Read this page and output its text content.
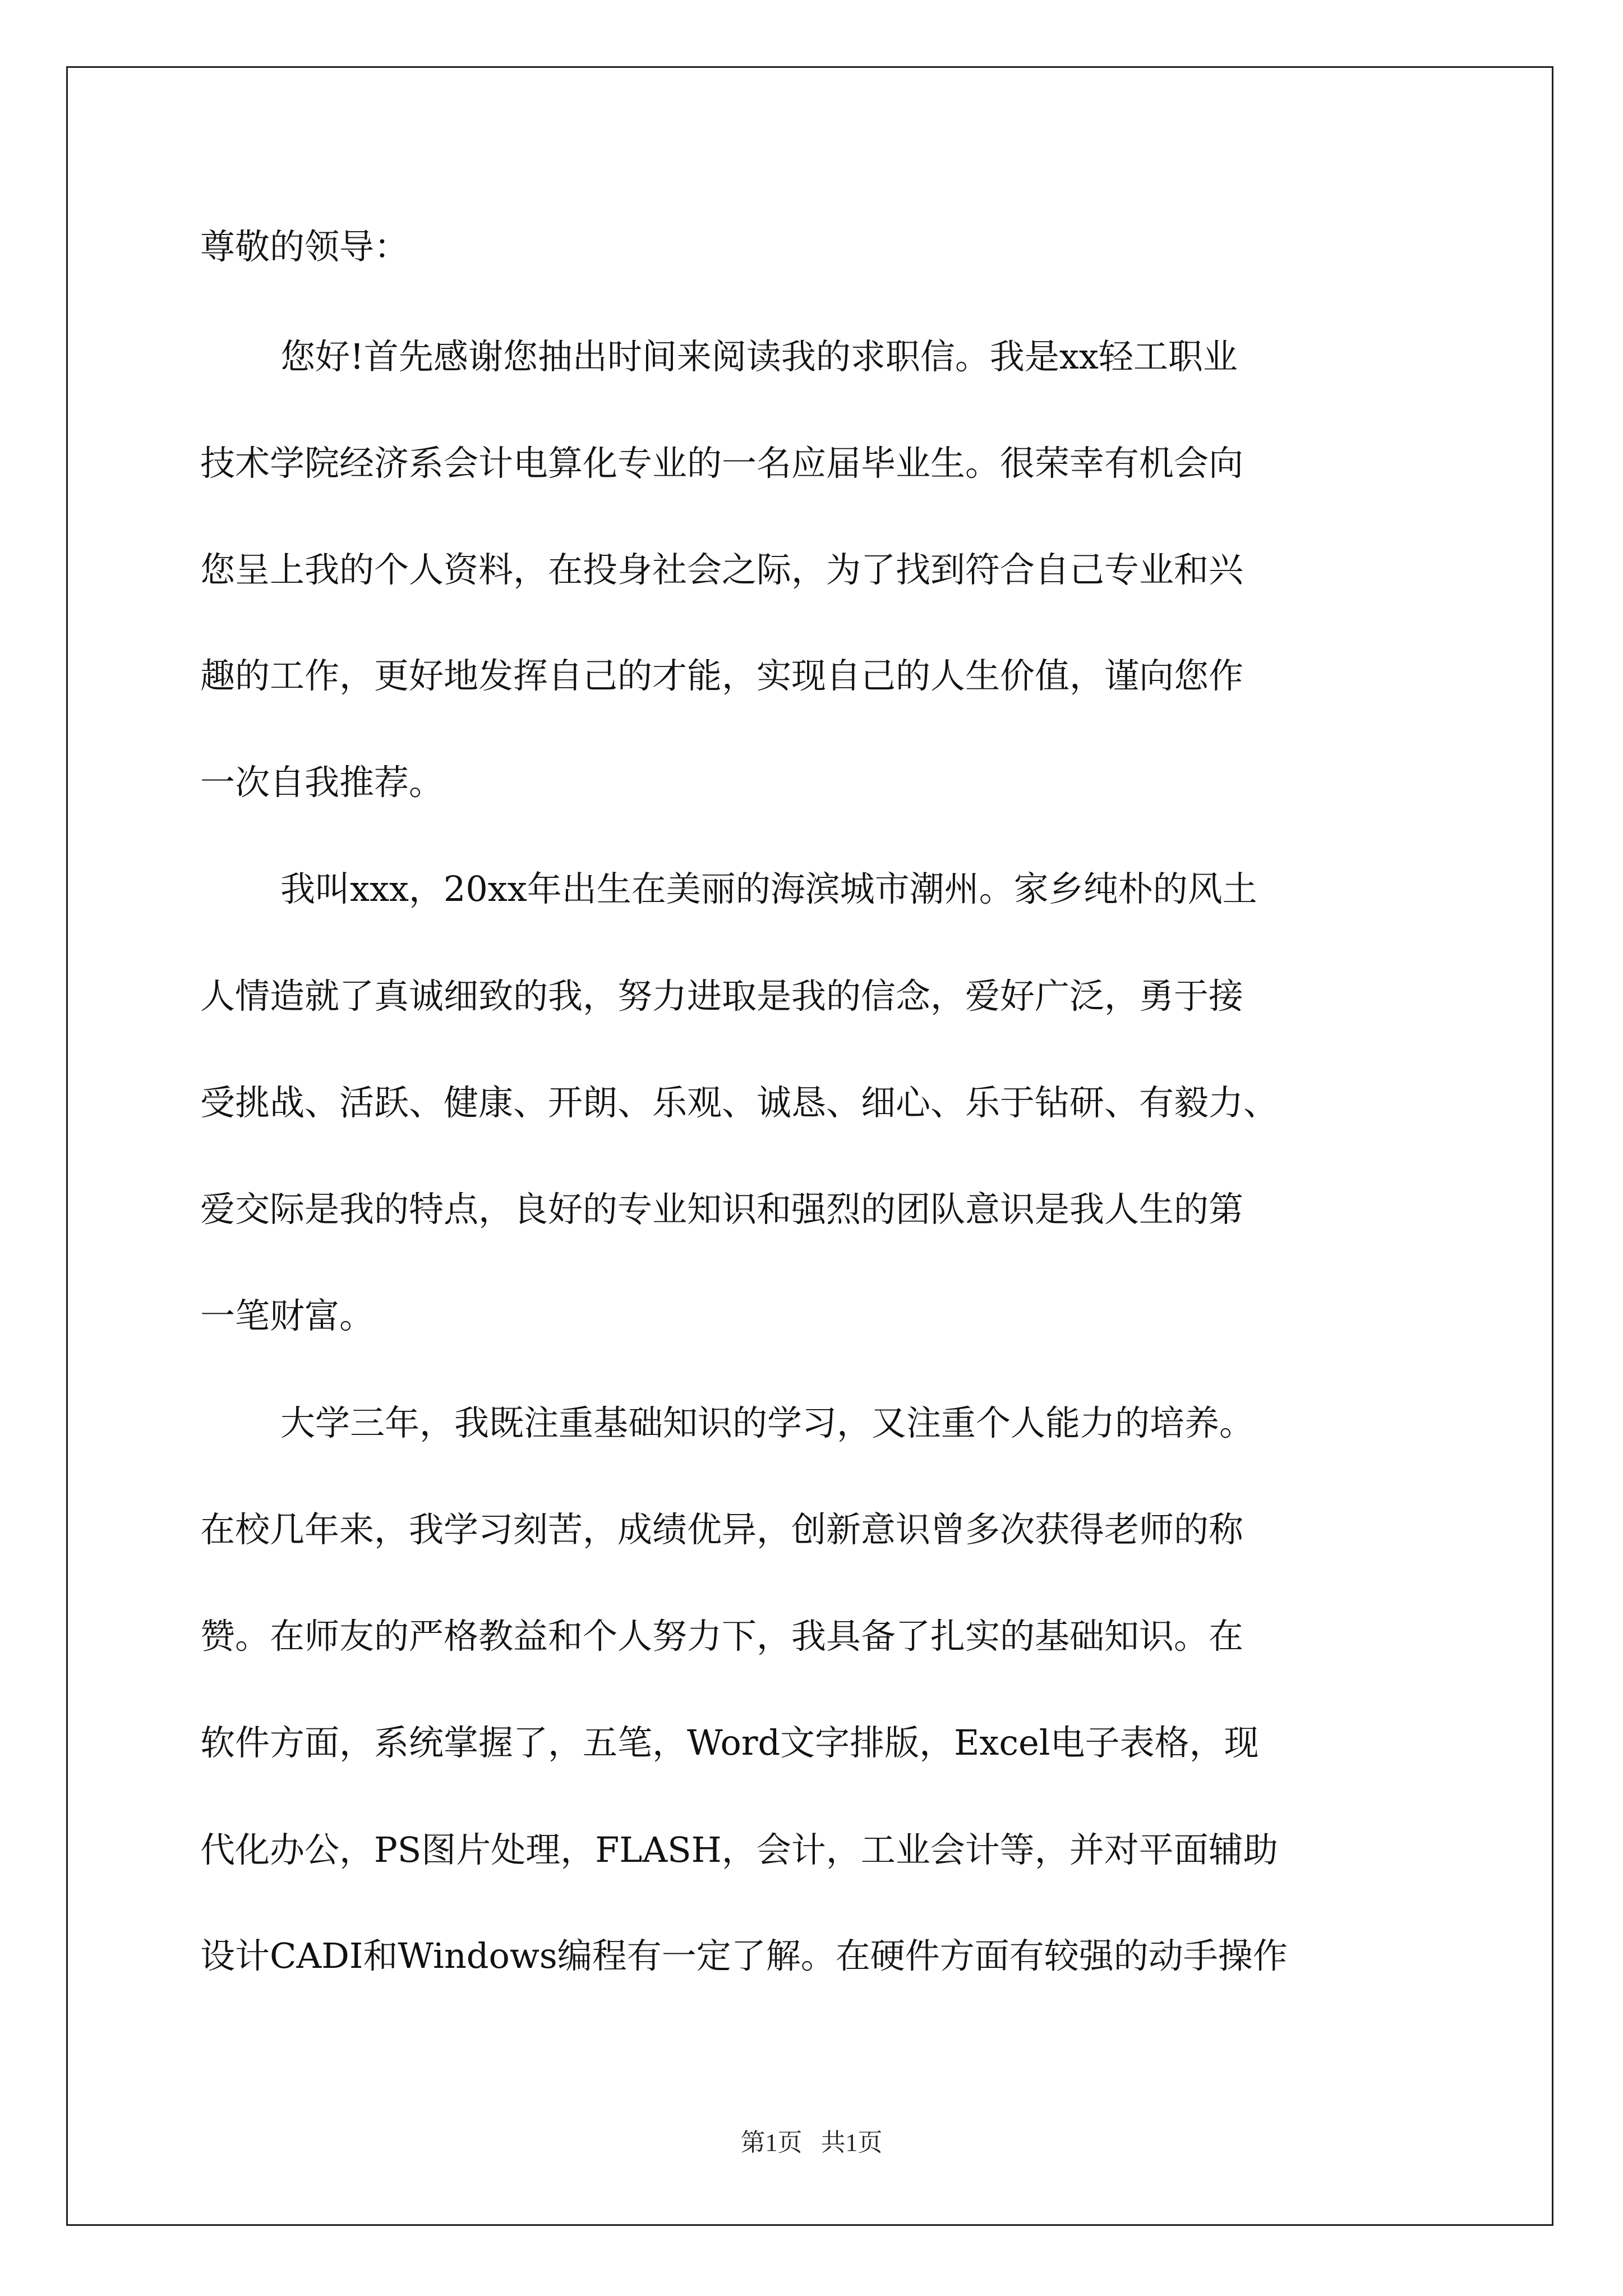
尊敬的领导：
您好!首先感谢您抽出时间来阅读我的求职信。我是xx轻工职业
技术学院经济系会计电算化专业的一名应届毕业生。很荣幸有机会向
您呈上我的个人资料，在投身社会之际，为了找到符合自己专业和兴
趣的工作，更好地发挥自己的才能，实现自己的人生价值，谨向您作
一次自我推荐。
我叫xxx，20xx年出生在美丽的海滨城市潮州。家乡纯朴的风土
人情造就了真诚细致的我，努力进取是我的信念，爱好广泛，勇于接
受挑战、活跃、健康、开朗、乐观、诚恳、细心、乐于钻研、有毅力、
爱交际是我的特点，良好的专业知识和强烈的团队意识是我人生的第
一笔财富。
大学三年，我既注重基础知识的学习，又注重个人能力的培养。
在校几年来，我学习刻苦，成绩优异，创新意识曾多次获得老师的称
赞。在师友的严格教益和个人努力下，我具备了扎实的基础知识。在
软件方面，系统掌握了，五笔，Word文字排版，Excel电子表格，现
代化办公，PS图片处理，FLASH，会计，工业会计等，并对平面辅助
设计CADI和Windows编程有一定了解。在硬件方面有较强的动手操作
第1页   共1页
